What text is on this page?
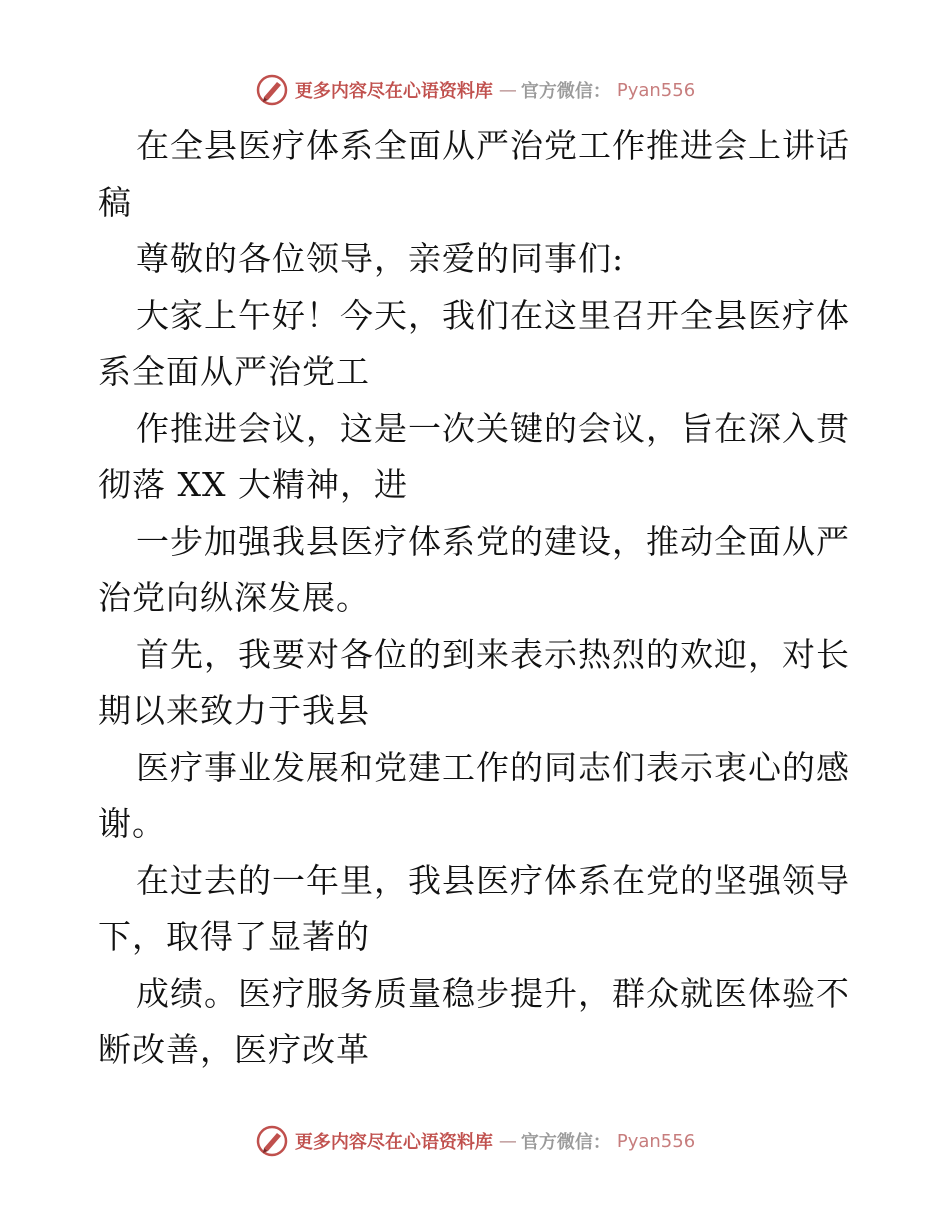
更多内容尽在心语资料库 — 官方微信： Pyan556

在全县医疗体系全面从严治党工作推进会上讲话稿

尊敬的各位领导，亲爱的同事们:

大家上午好！今天，我们在这里召开全县医疗体系全面从严治党工

作推进会议，这是一次关键的会议，旨在深入贯彻落 XX 大精神，进

一步加强我县医疗体系党的建设，推动全面从严治党向纵深发展。

首先，我要对各位的到来表示热烈的欢迎，对长期以来致力于我县

医疗事业发展和党建工作的同志们表示衷心的感谢。

在过去的一年里，我县医疗体系在党的坚强领导下，取得了显著的

成绩。医疗服务质量稳步提升，群众就医体验不断改善，医疗改革

更多内容尽在心语资料库 — 官方微信： Pyan556
